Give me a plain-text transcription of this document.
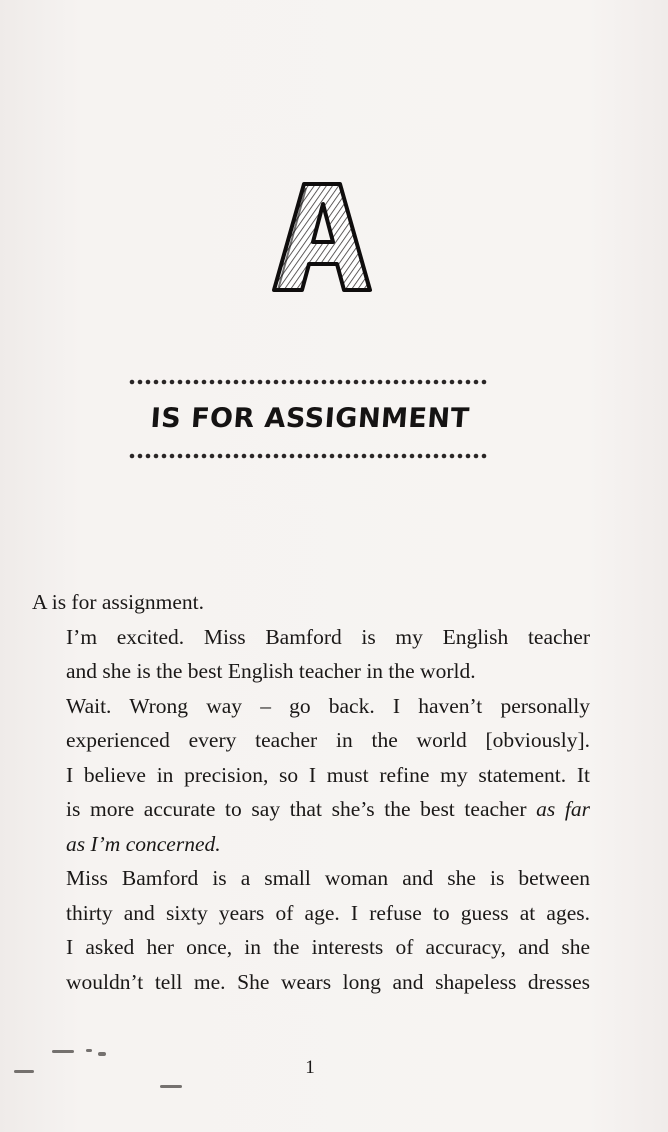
IS FOR ASSIGNMENT

A is for assignment.

I’m excited. Miss Bamford is my English teacher
and she is the best English teacher in the world.

Wait. Wrong way – go back. I haven’t personally
experienced every teacher in the world [obviously].
I believe in precision, so I must refine my statement. It
is more accurate to say that she’s the best teacher as far
as I’m concerned.

Miss Bamford is a small woman and she is between
thirty and sixty years of age. I refuse to guess at ages.
I asked her once, in the interests of accuracy, and she
wouldn’t tell me. She wears long and shapeless dresses

1
